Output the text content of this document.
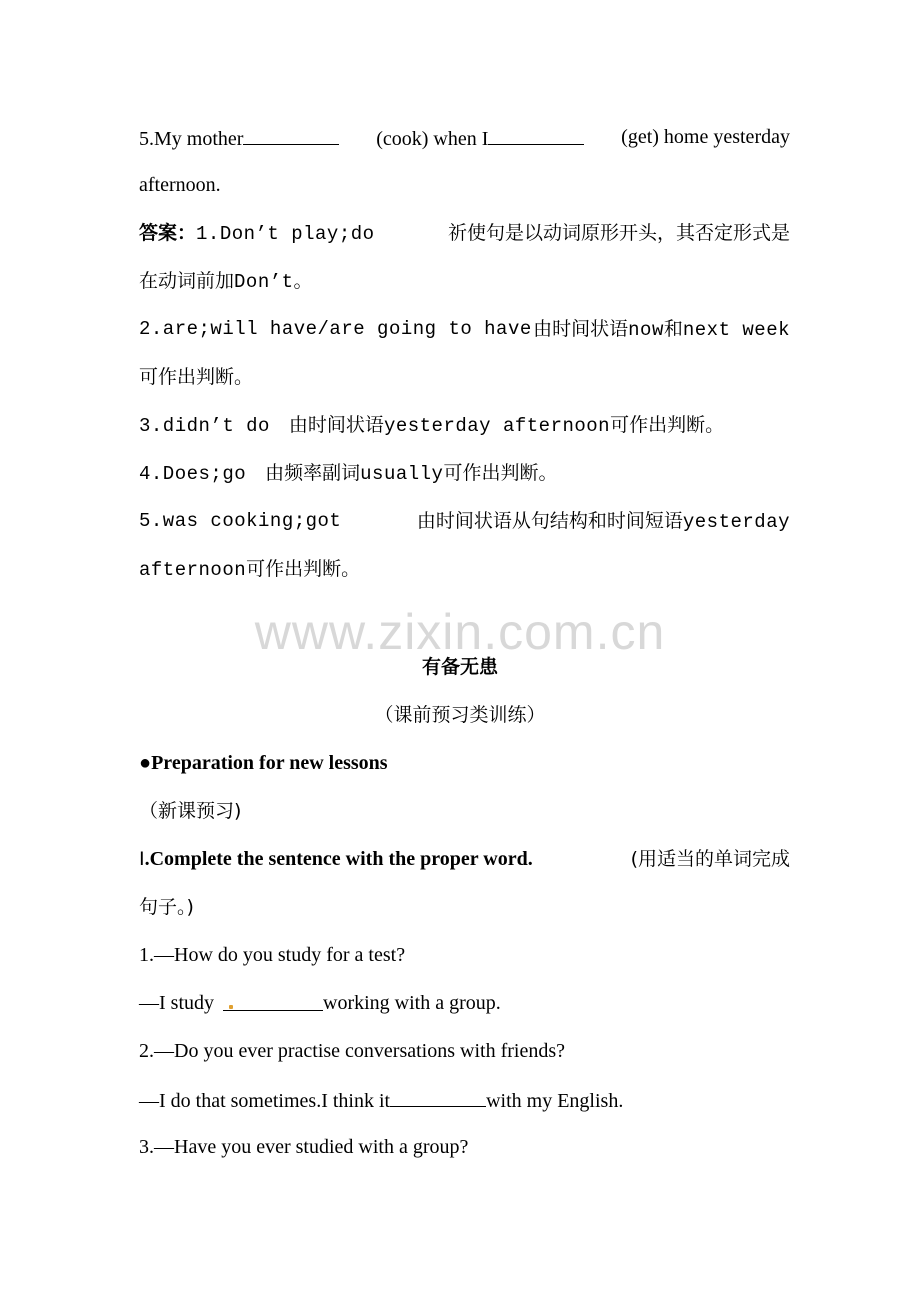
5.My mother	(cook) when I	(get) home yesterday
afternoon.
答案：1.Don’t play;do	祈使句是以动词原形开头，其否定形式是
在动词前加Don’t。
2.are;will have/are going to have 由时间状语now和next week
可作出判断。
3.didn’t do 由时间状语yesterday afternoon可作出判断。
4.Does;go 由频率副词usually可作出判断。
5.was cooking;got	由时间状语从句结构和时间短语yesterday
afternoon可作出判断。
www.zixin.com.cn
有备无患
（课前预习类训练）
●Preparation for new lessons
（新课预习)
Ⅰ.Complete the sentence with the proper word.	(用适当的单词完成
句子。)
1.—How do you study for a test?
—I study	working with a group.
2.—Do you ever practise conversations with friends?
—I do that sometimes.I think it	with my English.
3.—Have you ever studied with a group?
